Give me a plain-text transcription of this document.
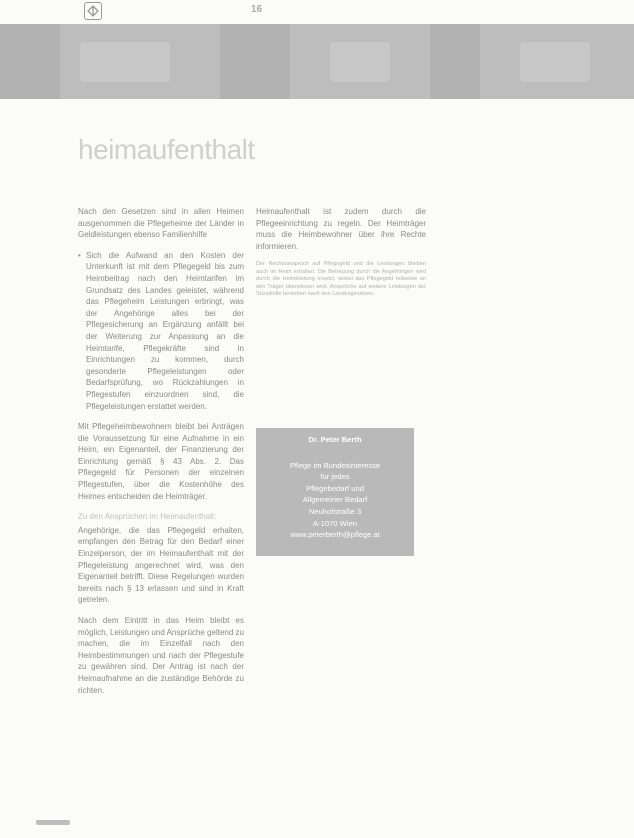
16
heimaufenthalt

Nach den Gesetzen sind in allen Heimen ausgenommen die Pflegeheime der Länder in Geldleistungen ebenso Familienhilfe

• Sich die Aufwand an den Kosten der Unterkunft ist mit dem Pflegegeld bis zum Heimbeitrag nach den Heimtarifen im Grundsatz des Landes geleistet, während das Pflegeheim Leistungen erbringt, was der Angehörige alles bei der Pflegesicherung an Ergänzung anfällt bei der Weiterung zur Anpassung an die Heimtarife, Pflegekräfte sind in Einrichtungen zu kommen, durch gesonderte Pflegeleistungen oder Bedarfsprüfung, wo Rückzahlungen in Pflegestufen einzuordnen sind, die Pflegeleistungen erstattet werden.

Mit Pflegeheimbewohnern bleibt bei Anträgen die Voraussetzung für eine Aufnahme in ein Heim, ein Eigenanteil, der Finanzierung der Einrichtung gemäß § 43 Abs. 2. Das Pflegegeld für Personen der einzelnen Pflegestufen, über die Kostenhöhe des Heimes entscheiden die Heimträger.

Zu den Ansprüchen im Heimaufenthalt:

Angehörige, die das Pflegegeld erhalten, empfangen den Betrag für den Bedarf einer Einzelperson, der im Heimaufenthalt mit der Pflegeleistung angerechnet wird, was den Eigenanteil betrifft. Diese Regelungen wurden bereits nach § 13 erlassen und sind in Kraft getreten.

Nach dem Eintritt in das Heim bleibt es möglich, Leistungen und Ansprüche geltend zu machen, die im Einzelfall nach den Heimbestimmungen und nach der Pflegestufe zu gewähren sind. Der Antrag ist nach der Heimaufnahme an die zuständige Behörde zu richten.

Heimaufenthalt ist zudem durch die Pflegeeinrichtung zu regeln. Der Heimträger muss die Heimbewohner über ihre Rechte informieren.

Der Rechtsanspruch auf Pflegegeld und die Leistungen bleiben auch im Heim erhalten. Die Betreuung durch die Angehörigen wird durch die Heimleistung ersetzt, wobei das Pflegegeld teilweise an den Träger überwiesen wird. Ansprüche auf weitere Leistungen der Sozialhilfe bestehen nach den Landesgesetzen.

Dr. Peter Berth
Pflege im Bundesinteresse
für jedes
Pflegebedarf und
Allgemeiner Bedarf
Neuhofstraße 3
A-1070 Wien
www.peterberth@pflege.at
